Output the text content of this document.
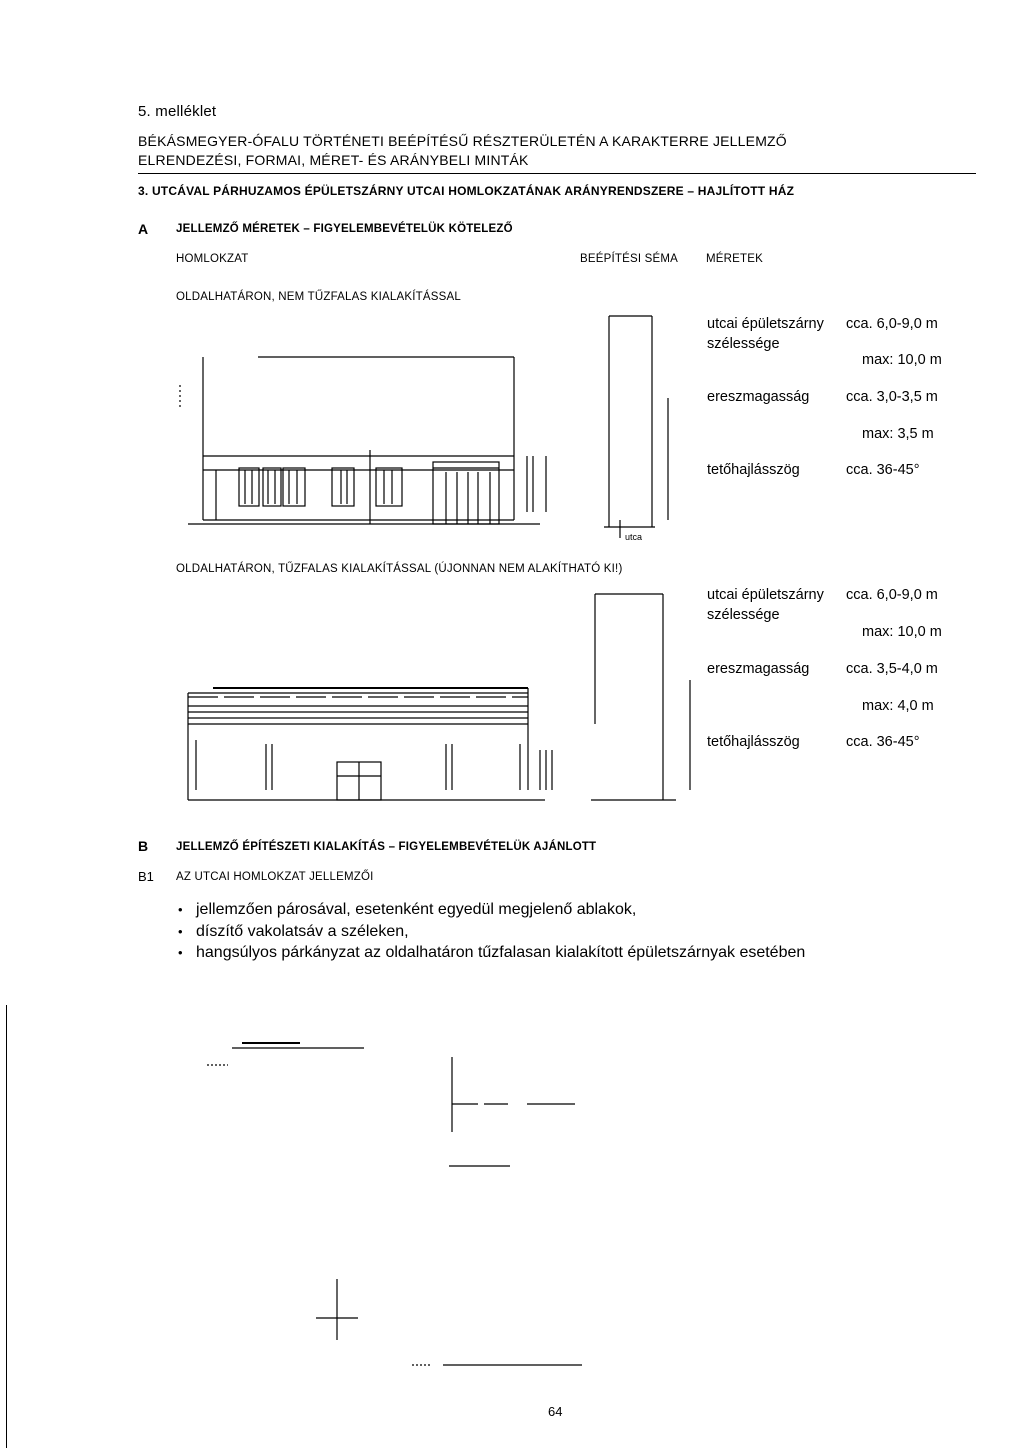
5. melléklet
BÉKÁSMEGYER-ÓFALU TÖRTÉNETI BEÉPÍTÉSŰ RÉSZTERÜLETÉN A KARAKTERRE JELLEMZŐ
ELRENDEZÉSI, FORMAI, MÉRET- ÉS ARÁNYBELI MINTÁK
3. UTCÁVAL PÁRHUZAMOS ÉPÜLETSZÁRNY UTCAI HOMLOKZATÁNAK ARÁNYRENDSZERE – HAJLÍTOTT HÁZ
A JELLEMZŐ MÉRETEK – FIGYELEMBEVÉTELÜK KÖTELEZŐ
HOMLOKZAT	BEÉPÍTÉSI SÉMA MÉRETEK
OLDALHATÁRON, NEM TŰZFALAS KIALAKÍTÁSSAL
utca
utcai épületszárny cca. 6,0-9,0 m
szélessége
max: 10,0 m
ereszmagasság	cca. 3,0-3,5 m
max: 3,5 m
tetőhajlásszög	cca. 36-45°
OLDALHATÁRON, TŰZFALAS KIALAKÍTÁSSAL (ÚJONNAN NEM ALAKÍTHATÓ KI!)
utcai épületszárny cca. 6,0-9,0 m
szélessége
max: 10,0 m
ereszmagasság	cca. 3,5-4,0 m
max: 4,0 m
tetőhajlásszög	cca. 36-45°
B JELLEMZŐ ÉPÍTÉSZETI KIALAKÍTÁS – FIGYELEMBEVÉTELÜK AJÁNLOTT
B1 AZ UTCAI HOMLOKZAT JELLEMZŐI
• jellemzően párosával, esetenként egyedül megjelenő ablakok,
• díszítő vakolatsáv a széleken,
• hangsúlyos párkányzat az oldalhatáron tűzfalasan kialakított épületszárnyak esetében
64
